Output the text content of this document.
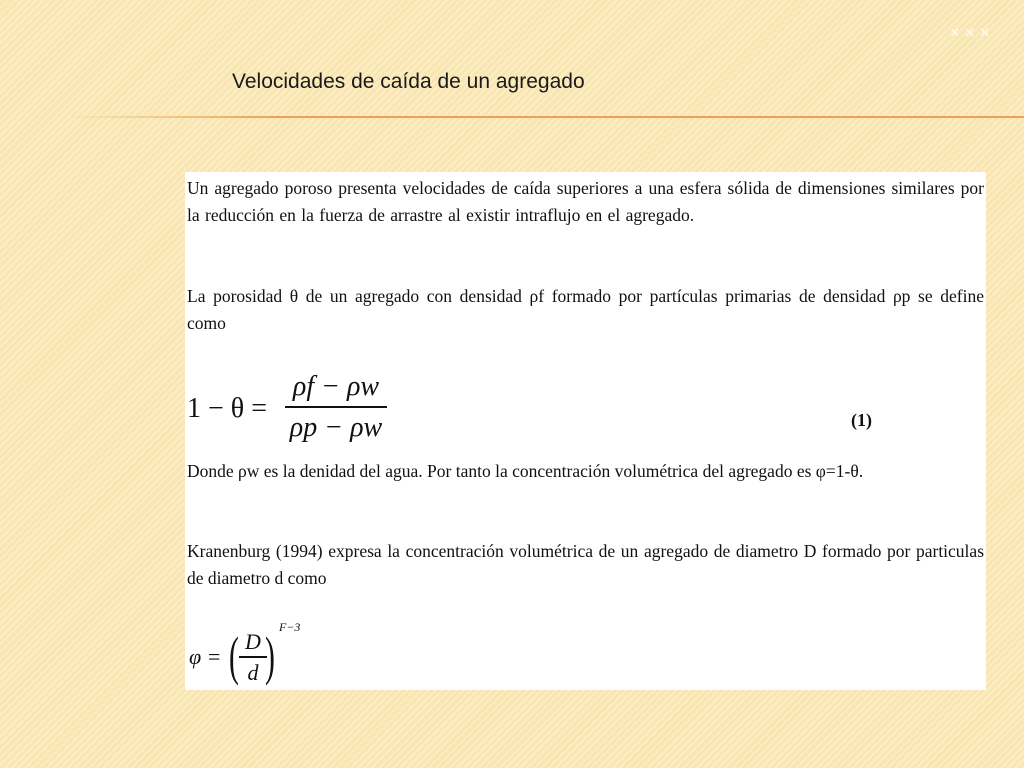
✕✕✕
Velocidades de caída de un agregado

Un agregado poroso presenta velocidades de caída superiores a una esfera sólida de dimensiones similares por la reducción en la fuerza de arrastre al existir intraflujo en el agregado.

La porosidad θ de un agregado con densidad ρf formado por partículas primarias de densidad ρp se define como

1 − θ =
ρf − ρw
ρp − ρw	(1)

Donde ρw es la denidad del agua. Por tanto la concentración volumétrica del agregado es φ=1-θ.

Kranenburg (1994) expresa la concentración volumétrica de un agregado de diametro D formado por particulas de diametro d como

φ = ( D
d ) F−3
